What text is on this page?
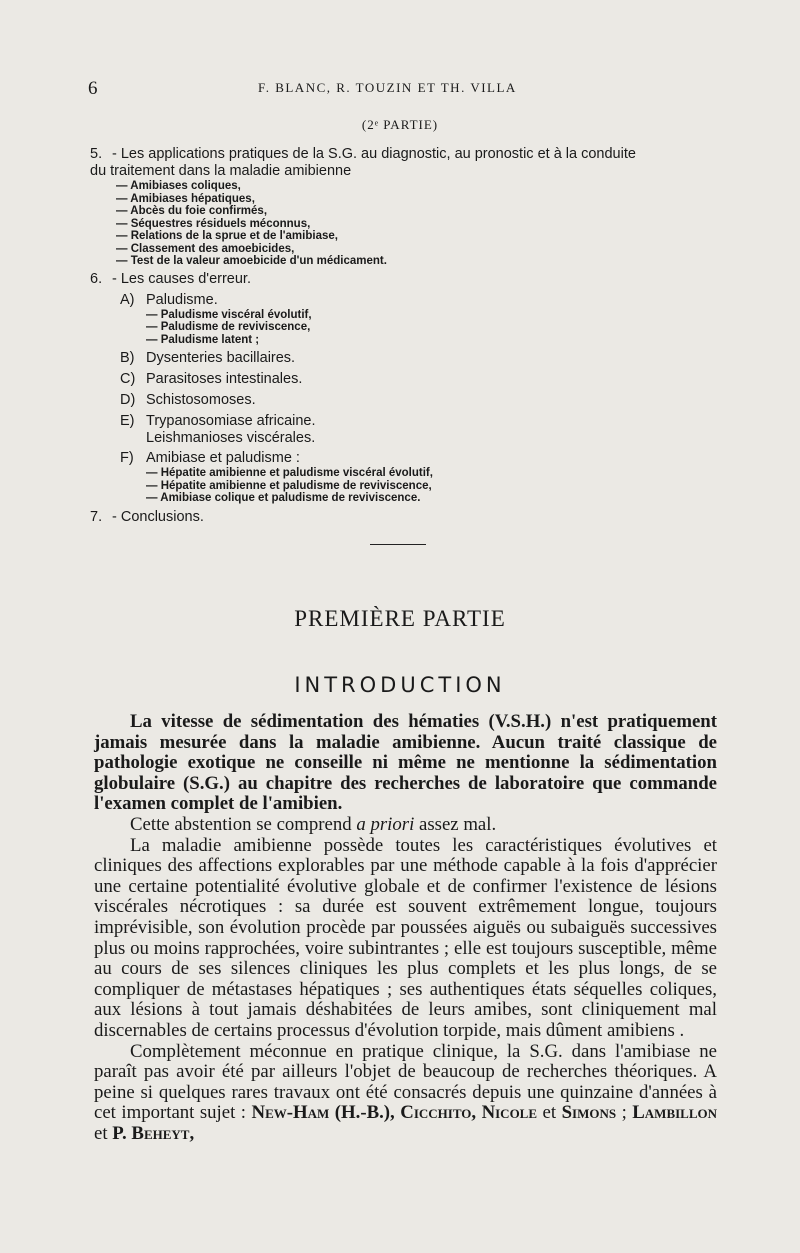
6	F. BLANC, R. TOUZIN ET TH. VILLA
(2ᵉ PARTIE)

5. - Les applications pratiques de la S.G. au diagnostic, au pronostic et à la conduite

du traitement dans la maladie amibienne

— Amibiases coliques,

— Amibiases hépatiques,

— Abcès du foie confirmés,

— Séquestres résiduels méconnus,

— Relations de la sprue et de l'amibiase,

— Classement des amoebicides,

— Test de la valeur amoebicide d'un médicament.

6. - Les causes d'erreur.

A) Paludisme.

— Paludisme viscéral évolutif,

— Paludisme de reviviscence,

— Paludisme latent ;

B) Dysenteries bacillaires.

C) Parasitoses intestinales.

D) Schistosomoses.

E) Trypanosomiase africaine.

Leishmanioses viscérales.

F) Amibiase et paludisme :

— Hépatite amibienne et paludisme viscéral évolutif,

— Hépatite amibienne et paludisme de reviviscence,

— Amibiase colique et paludisme de reviviscence.

7. - Conclusions.

PREMIÈRE PARTIE
INTRODUCTION

La vitesse de sédimentation des hématies (V.S.H.) n'est pratiquement jamais mesurée dans la maladie amibienne. Aucun traité classique de pathologie exotique ne conseille ni même ne mentionne la sédimentation globulaire (S.G.) au chapitre des recherches de laboratoire que commande l'examen complet de l'amibien.

Cette abstention se comprend a priori assez mal.

La maladie amibienne possède toutes les caractéristiques évolutives et cliniques des affections explorables par une méthode capable à la fois d'apprécier une certaine potentialité évolutive globale et de confirmer l'existence de lésions viscérales nécrotiques : sa durée est souvent extrêmement longue, toujours imprévisible, son évolution procède par poussées aiguës ou subaiguës successives plus ou moins rapprochées, voire subintrantes ; elle est toujours susceptible, même au cours de ses silences cliniques les plus complets et les plus longs, de se compliquer de métastases hépatiques ; ses authentiques états séquelles coliques, aux lésions à tout jamais déshabitées de leurs amibes, sont cliniquement mal discernables de certains processus d'évolution torpide, mais dûment amibiens .

Complètement méconnue en pratique clinique, la S.G. dans l'amibiase ne paraît pas avoir été par ailleurs l'objet de beaucoup de recherches théoriques. A peine si quelques rares travaux ont été consacrés depuis une quinzaine d'années à cet important sujet : New-Ham (H.-B.), Cicchito, Nicole et Simons ; Lambillon et P. Beheyt,
